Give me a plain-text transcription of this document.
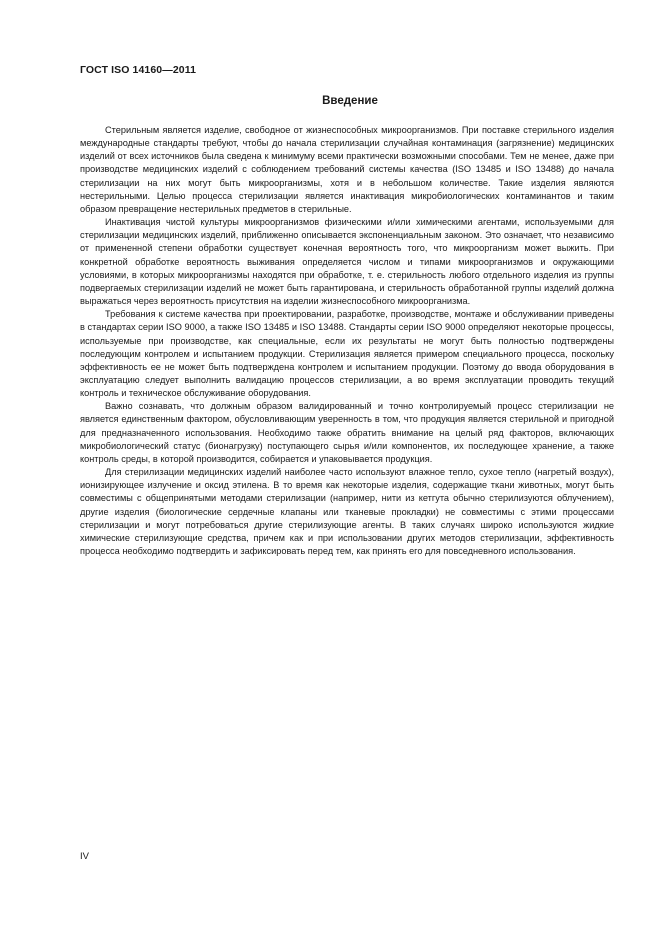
ГОСТ ISO 14160—2011
Введение

Стерильным является изделие, свободное от жизнеспособных микроорганизмов. При поставке стерильного изделия международные стандарты требуют, чтобы до начала стерилизации случайная контаминация (загрязнение) медицинских изделий от всех источников была сведена к минимуму всеми практически возможными способами. Тем не менее, даже при производстве медицинских изделий с соблюдением требований системы качества (ISO 13485 и ISO 13488) до начала стерилизации на них могут быть микроорганизмы, хотя и в небольшом количестве. Такие изделия являются нестерильными. Целью процесса стерилизации является инактивация микробиологических контаминантов и таким образом превращение нестерильных предметов в стерильные.

Инактивация чистой культуры микроорганизмов физическими и/или химическими агентами, используемыми для стерилизации медицинских изделий, приближенно описывается экспоненциальным законом. Это означает, что независимо от примененной степени обработки существует конечная вероятность того, что микроорганизм может выжить. При конкретной обработке вероятность выживания определяется числом и типами микроорганизмов и окружающими условиями, в которых микроорганизмы находятся при обработке, т. е. стерильность любого отдельного изделия из группы подвергаемых стерилизации изделий не может быть гарантирована, и стерильность обработанной группы изделий должна выражаться через вероятность присутствия на изделии жизнеспособного микроорганизма.

Требования к системе качества при проектировании, разработке, производстве, монтаже и обслуживании приведены в стандартах серии ISO 9000, а также ISO 13485 и ISO 13488. Стандарты серии ISO 9000 определяют некоторые процессы, используемые при производстве, как специальные, если их результаты не могут быть полностью подтверждены последующим контролем и испытанием продукции. Стерилизация является примером специального процесса, поскольку эффективность ее не может быть подтверждена контролем и испытанием продукции. Поэтому до ввода оборудования в эксплуатацию следует выполнить валидацию процессов стерилизации, а во время эксплуатации проводить текущий контроль и техническое обслуживание оборудования.

Важно сознавать, что должным образом валидированный и точно контролируемый процесс стерилизации не является единственным фактором, обусловливающим уверенность в том, что продукция является стерильной и пригодной для предназначенного использования. Необходимо также обратить внимание на целый ряд факторов, включающих микробиологический статус (бионагрузку) поступающего сырья и/или компонентов, их последующее хранение, а также контроль среды, в которой производится, собирается и упаковывается продукция.

Для стерилизации медицинских изделий наиболее часто используют влажное тепло, сухое тепло (нагретый воздух), ионизирующее излучение и оксид этилена. В то время как некоторые изделия, содержащие ткани животных, могут быть совместимы с общепринятыми методами стерилизации (например, нити из кетгута обычно стерилизуются облучением), другие изделия (биологические сердечные клапаны или тканевые прокладки) не совместимы с этими процессами стерилизации и могут потребоваться другие стерилизующие агенты. В таких случаях широко используются жидкие химические стерилизующие средства, причем как и при использовании других методов стерилизации, эффективность процесса необходимо подтвердить и зафиксировать перед тем, как принять его для повседневного использования.

IV
